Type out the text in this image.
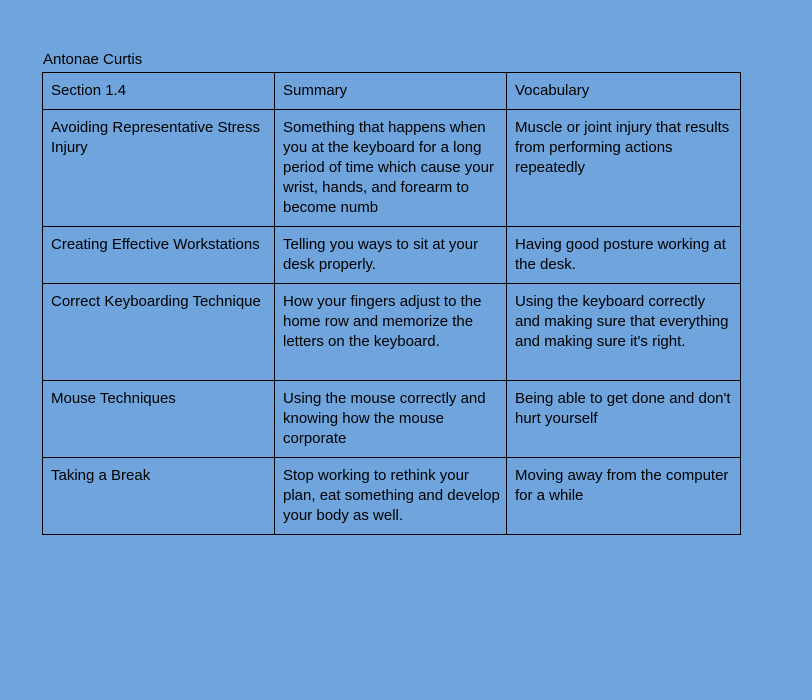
Antonae Curtis
Section 1.4	Summary	Vocabulary
Avoiding Representative Stress Injury	Something that happens when you at the keyboard for a long period of time which cause your wrist, hands, and forearm to become numb	Muscle or joint injury that results from performing actions repeatedly
Creating Effective Workstations	Telling you ways to sit at your desk properly.	Having good posture working at the desk.
Correct Keyboarding Technique	How your fingers adjust to the home row and memorize the letters on the keyboard.	Using the keyboard correctly and making sure that everything and making sure it's right.
Mouse Techniques	Using the mouse correctly and knowing how the mouse corporate	Being able to get done and don't hurt yourself
Taking a Break	Stop working to rethink your plan, eat something and develop your body as well.	Moving away from the computer for a while
